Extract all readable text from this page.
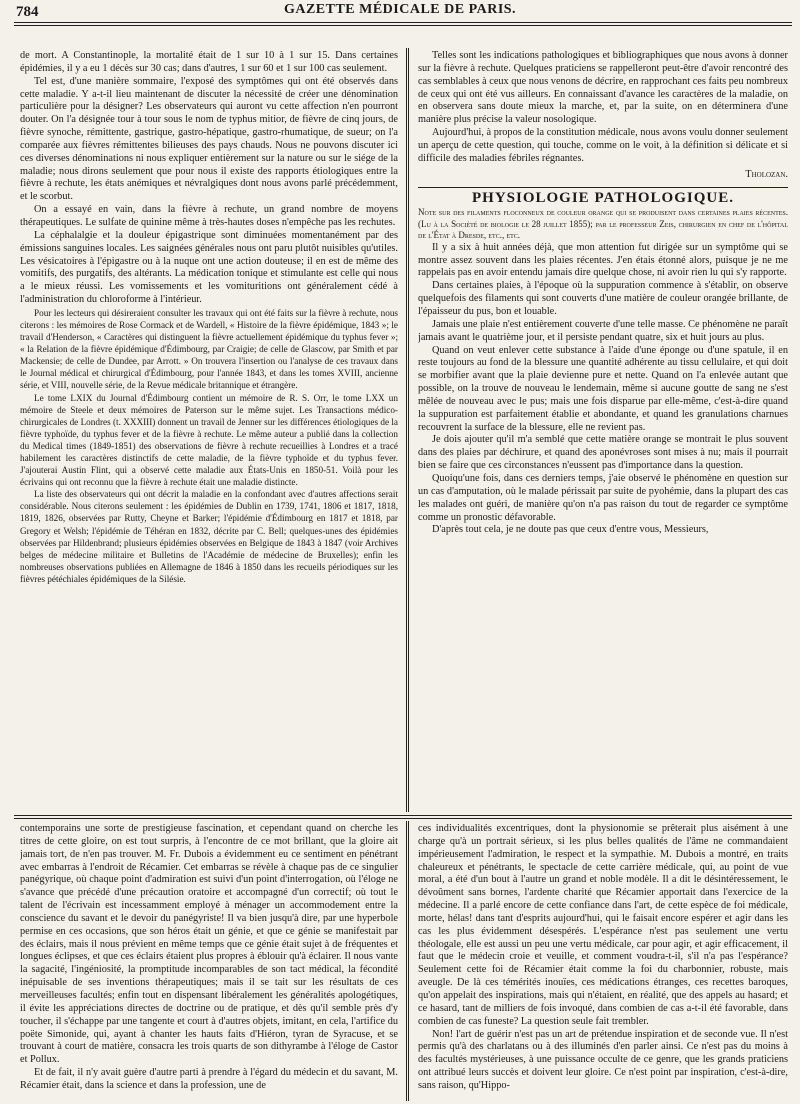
784	GAZETTE MÉDICALE DE PARIS.

de mort. A Constantinople, la mortalité était de 1 sur 10 à 1 sur 15. Dans certaines épidémies, il y a eu 1 décès sur 30 cas; dans d'autres, 1 sur 60 et 1 sur 100 cas seulement.

Tel est, d'une manière sommaire, l'exposé des symptômes qui ont été observés dans cette maladie. Y a-t-il lieu maintenant de discuter la nécessité de créer une dénomination particulière pour la désigner? Les observateurs qui auront vu cette affection n'en pourront douter. On l'a désignée tour à tour sous le nom de typhus mitior, de fièvre de cinq jours, de fièvre synoche, rémittente, gastrique, gastro-hépatique, gastro-rhumatique, de sueur; on l'a comparée aux fièvres rémittentes bilieuses des pays chauds. Nous ne pouvons discuter ici ces diverses dénominations ni nous expliquer entièrement sur la nature ou sur le siége de la maladie; nous dirons seulement que pour nous il existe des rapports étiologiques entre la fièvre à rechute, les états anémiques et névralgiques dont nous avons parlé précédemment, et le scorbut.

On a essayé en vain, dans la fièvre à rechute, un grand nombre de moyens thérapeutiques. Le sulfate de quinine même à très-hautes doses n'empêche pas les rechutes.

La céphalalgie et la douleur épigastrique sont diminuées momentanément par des émissions sanguines locales. Les saignées générales nous ont paru plutôt nuisibles qu'utiles. Les vésicatoires à l'épigastre ou à la nuque ont une action douteuse; il en est de même des vomitifs, des purgatifs, des altérants. La médication tonique et stimulante est celle qui nous a le mieux réussi. Les vomissements et les vomituritions ont généralement cédé à l'administration du chloroforme à l'intérieur.

Pour les lecteurs qui désireraient consulter les travaux qui ont été faits sur la fièvre à rechute, nous citerons : les mémoires de Rose Cormack et de Wardell, « Histoire de la fièvre épidémique, 1843 »; le travail d'Henderson, « Caractères qui distinguent la fièvre actuellement épidémique du typhus fever »; « la Relation de la fièvre épidémique d'Édimbourg, par Craigie; de celle de Glascow, par Smith et par Mackensie; de celle de Dundee, par Arrott. » On trouvera l'insertion ou l'analyse de ces travaux dans le Journal médical et chirurgical d'Édimbourg, pour l'année 1843, et dans les tomes XVIII, ancienne série, et VIII, nouvelle série, de la Revue médicale britannique et étrangère.

Le tome LXIX du Journal d'Édimbourg contient un mémoire de R. S. Orr, le tome LXX un mémoire de Steele et deux mémoires de Paterson sur le même sujet. Les Transactions médico-chirurgicales de Londres (t. XXXIII) donnent un travail de Jenner sur les différences étiologiques de la fièvre typhoïde, du typhus fever et de la fièvre à rechute. Le même auteur a publié dans la collection du Medical times (1849-1851) des observations de fièvre à rechute recueillies à Londres et a tracé habilement les caractères distinctifs de cette maladie, de la fièvre typhoïde et du typhus fever. J'ajouterai Austin Flint, qui a observé cette maladie aux États-Unis en 1850-51. Voilà pour les écrivains qui ont reconnu que la fièvre à rechute était une maladie distincte.

La liste des observateurs qui ont décrit la maladie en la confondant avec d'autres affections serait considérable. Nous citerons seulement : les épidémies de Dublin en 1739, 1741, 1806 et 1817, 1818, 1819, 1826, observées par Rutty, Cheyne et Barker; l'épidémie d'Édimbourg en 1817 et 1818, par Gregory et Welsh; l'épidémie de Téhéran en 1832, décrite par C. Bell; quelques-unes des épidémies observées par Hildenbrand; plusieurs épidémies observées en Belgique de 1843 à 1847 (voir Archives belges de médecine militaire et Bulletins de l'Académie de médecine de Bruxelles); enfin les nombreuses observations publiées en Allemagne de 1846 à 1850 dans les recueils périodiques sur les fièvres pétéchiales épidémiques de la Silésie.

Telles sont les indications pathologiques et bibliographiques que nous avons à donner sur la fièvre à rechute. Quelques praticiens se rappelleront peut-être d'avoir rencontré des cas semblables à ceux que nous venons de décrire, en rapprochant ces faits peu nombreux de ceux qui ont été vus ailleurs. En connaissant d'avance les caractères de la maladie, on en observera sans doute mieux la marche, et, par la suite, on en déterminera d'une manière plus précise la valeur nosologique.

Aujourd'hui, à propos de la constitution médicale, nous avons voulu donner seulement un aperçu de cette question, qui touche, comme on le voit, à la définition si délicate et si difficile des maladies fébriles régnantes.

Tholozan.

PHYSIOLOGIE PATHOLOGIQUE.

Note sur des filaments floconneux de couleur orange qui se produisent dans certaines plaies récentes. (Lu à la Société de biologie le 28 juillet 1855); par le professeur Zeis, chirurgien en chef de l'hôpital de l'État à Dresde, etc., etc.

Il y a six à huit années déjà, que mon attention fut dirigée sur un symptôme qui se montre assez souvent dans les plaies récentes. J'en étais étonné alors, puisque je ne me rappelais pas en avoir entendu jamais dire quelque chose, ni avoir rien lu qui s'y rapporte.

Dans certaines plaies, à l'époque où la suppuration commence à s'établir, on observe quelquefois des filaments qui sont couverts d'une matière de couleur orangée brillante, de l'épaisseur du pus, bon et louable.

Jamais une plaie n'est entièrement couverte d'une telle masse. Ce phénomène ne paraît jamais avant le quatrième jour, et il persiste pendant quatre, six et huit jours au plus.

Quand on veut enlever cette substance à l'aide d'une éponge ou d'une spatule, il en reste toujours au fond de la blessure une quantité adhérente au tissu cellulaire, et qui doit se morbifier avant que la plaie devienne pure et nette. Quand on l'a enlevée autant que possible, on la trouve de nouveau le lendemain, même si aucune goutte de sang ne s'est mêlée de nouveau avec le pus; mais une fois disparue par elle-même, c'est-à-dire quand la suppuration est parfaitement établie et abondante, et quand les granulations charnues recouvrent la surface de la blessure, elle ne revient pas.

Je dois ajouter qu'il m'a semblé que cette matière orange se montrait le plus souvent dans des plaies par déchirure, et quand des aponévroses sont mises à nu; mais il pourrait bien se faire que ces circonstances n'eussent pas d'importance dans la question.

Quoiqu'une fois, dans ces derniers temps, j'aie observé le phénomène en question sur un cas d'amputation, où le malade périssait par suite de pyohémie, dans la plupart des cas les malades ont guéri, de manière qu'on n'a pas raison du tout de regarder ce symptôme comme un pronostic défavorable.

D'après tout cela, je ne doute pas que ceux d'entre vous, Messieurs,

contemporains une sorte de prestigieuse fascination, et cependant quand on cherche les titres de cette gloire, on est tout surpris, à l'encontre de ce mot brillant, que la gloire ait jamais tort, de n'en pas trouver. M. Fr. Dubois a évidemment eu ce sentiment en pénétrant avec embarras à l'endroit de Récamier. Cet embarras se révèle à chaque pas de ce singulier panégyrique, où chaque point d'admiration est suivi d'un point d'interrogation, où l'éloge ne s'avance que précédé d'une précaution oratoire et accompagné d'un correctif; où tout le talent de l'écrivain est incessamment employé à ménager un accommodement entre la conscience du savant et le devoir du panégyriste! Il va bien jusqu'à dire, par une hyperbole permise en ces occasions, que son héros était un génie, et que ce génie se manifestait par des éclairs, mais il nous prévient en même temps que ce génie était sujet à de fréquentes et longues éclipses, et que ces éclairs étaient plus propres à éblouir qu'à éclairer. Il nous vante la sagacité, l'ingéniosité, la promptitude incomparables de son tact médical, la fécondité inépuisable de ses inventions thérapeutiques; mais il se tait sur les résultats de ces merveilleuses facultés; enfin tout en dispensant libéralement les généralités apologétiques, il évite les appréciations directes de doctrine ou de pratique, et dès qu'il semble près d'y toucher, il s'échappe par une tangente et court à d'autres objets, imitant, en cela, l'artifice du poëte Simonide, qui, ayant à chanter les hauts faits d'Hiéron, tyran de Syracuse, et se trouvant à court de matière, consacra les trois quarts de son dithyrambe à l'éloge de Castor et Pollux.

Et de fait, il n'y avait guère d'autre parti à prendre à l'égard du médecin et du savant, M. Récamier était, dans la science et dans la profession, une de

ces individualités excentriques, dont la physionomie se prêterait plus aisément à une charge qu'à un portrait sérieux, si les plus belles qualités de l'âme ne commandaient impérieusement l'admiration, le respect et la sympathie. M. Dubois a montré, en traits chaleureux et pénétrants, le spectacle de cette carrière médicale, qui, au point de vue moral, a été d'un bout à l'autre un grand et noble modèle. Il a dit le désintéressement, le dévoûment sans bornes, l'ardente charité que Récamier apportait dans l'exercice de la médecine. Il a parlé encore de cette confiance dans l'art, de cette espèce de foi médicale, morte, hélas! dans tant d'esprits aujourd'hui, qui le faisait encore espérer et agir dans les cas les plus évidemment désespérés. L'espérance n'est pas seulement une vertu théologale, elle est aussi un peu une vertu médicale, car pour agir, et agir efficacement, il faut que le médecin croie et veuille, et comment voudra-t-il, s'il n'a pas l'espérance? Seulement cette foi de Récamier était comme la foi du charbonnier, robuste, mais aveugle. De là ces témérités inouïes, ces médications étranges, ces recettes baroques, qu'on appelait des inspirations, mais qui n'étaient, en réalité, que des appels au hasard; et ce hasard, tant de milliers de fois invoqué, dans combien de cas a-t-il été favorable, dans combien de cas funeste? La question seule fait trembler.

Non! l'art de guérir n'est pas un art de prétendue inspiration et de seconde vue. Il n'est permis qu'à des charlatans ou à des illuminés d'en parler ainsi. Ce n'est pas du moins à des facultés mystérieuses, à une puissance occulte de ce genre, que les grands praticiens ont attribué leurs succès et doivent leur gloire. Ce n'est point par inspiration, c'est-à-dire, sans raison, qu'Hippo-
